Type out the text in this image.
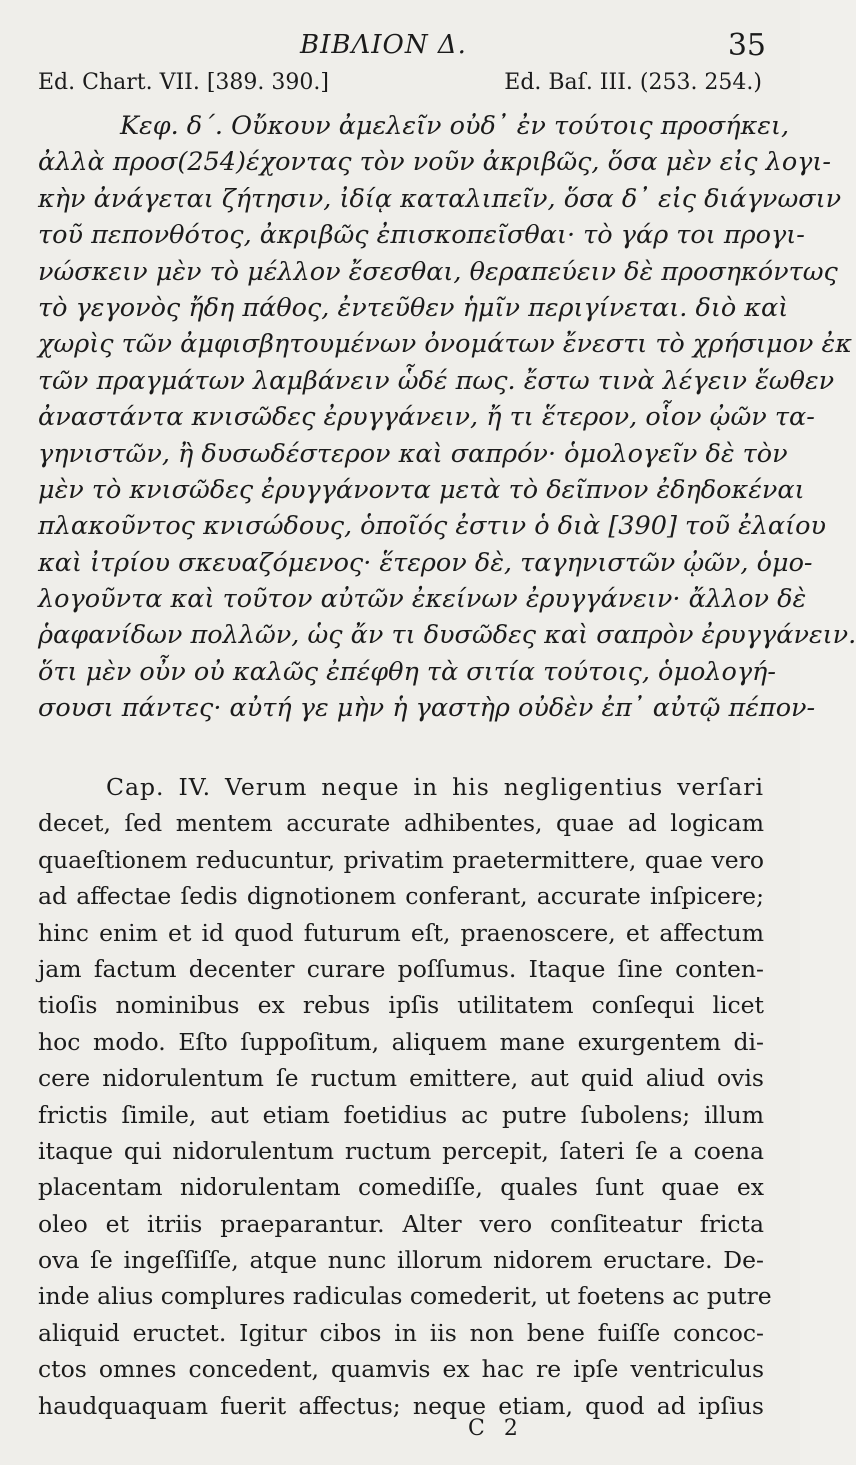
BIBΛΙΟΝ Δ.	35
Ed. Chart. VII. [389. 390.]	Ed. Baſ. III. (253. 254.)
Κεφ. δ΄. Οὔκουν ἀμελεῖν οὐδ᾽ ἐν τούτοις προσήκει,
ἀλλὰ προσ(254)έχοντας τὸν νοῦν ἀκριβῶς, ὅσα μὲν εἰς λογι-
κὴν ἀνάγεται ζήτησιν, ἰδίᾳ καταλιπεῖν, ὅσα δ᾽ εἰς διάγνωσιν
τοῦ πεπονθότος, ἀκριβῶς ἐπισκοπεῖσθαι· τὸ γάρ τοι προγι-
νώσκειν μὲν τὸ μέλλον ἔσεσθαι, θεραπεύειν δὲ προσηκόντως
τὸ γεγονὸς ἤδη πάθος, ἐντεῦθεν ἡμῖν περιγίνεται. διὸ καὶ
χωρὶς τῶν ἀμφισβητουμένων ὀνομάτων ἔνεστι τὸ χρήσιμον ἐκ
τῶν πραγμάτων λαμβάνειν ὧδέ πως. ἔστω τινὰ λέγειν ἕωθεν
ἀναστάντα κνισῶδες ἐρυγγάνειν, ἤ τι ἕτερον, οἷον ᾠῶν τα-
γηνιστῶν, ἢ δυσωδέστερον καὶ σαπρόν· ὁμολογεῖν δὲ τὸν
μὲν τὸ κνισῶδες ἐρυγγάνοντα μετὰ τὸ δεῖπνον ἐδηδοκέναι
πλακοῦντος κνισώδους, ὁποῖός ἐστιν ὁ διὰ [390] τοῦ ἐλαίου
καὶ ἰτρίου σκευαζόμενος· ἕτερον δὲ, ταγηνιστῶν ᾠῶν, ὁμο-
λογοῦντα καὶ τοῦτον αὐτῶν ἐκείνων ἐρυγγάνειν· ἄλλον δὲ
ῥαφανίδων πολλῶν, ὡς ἄν τι δυσῶδες καὶ σαπρὸν ἐρυγγάνειν.
ὅτι μὲν οὖν οὐ καλῶς ἐπέφθη τὰ σιτία τούτοις, ὁμολογή-
σουσι πάντες· αὐτή γε μὴν ἡ γαστὴρ οὐδὲν ἐπ᾽ αὐτῷ πέπον-
Cap. IV. Verum neque in his negligentius verſari
decet, ſed mentem accurate adhibentes, quae ad logicam
quaeſtionem reducuntur, privatim praetermittere, quae vero
ad affectae ſedis dignotionem conferant, accurate inſpicere;
hinc enim et id quod futurum eſt, praenoscere, et affectum
jam factum decenter curare poſſumus. Itaque ſine conten-
tioſis nominibus ex rebus ipſis utilitatem conſequi licet
hoc modo. Eſto ſuppoſitum, aliquem mane exurgentem di-
cere nidorulentum ſe ructum emittere, aut quid aliud ovis
frictis ſimile, aut etiam foetidius ac putre ſubolens; illum
itaque qui nidorulentum ructum percepit, ſateri ſe a coena
placentam nidorulentam comediſſe, quales ſunt quae ex
oleo et itriis praeparantur. Alter vero conſiteatur fricta
ova ſe ingeſſiſſe, atque nunc illorum nidorem eructare. De-
inde alius complures radiculas comederit, ut foetens ac putre
aliquid eructet. Igitur cibos in iis non bene fuiſſe concoc-
ctos omnes concedent, quamvis ex hac re ipſe ventriculus
haudquaquam fuerit affectus; neque etiam, quod ad ipſius
C 2
